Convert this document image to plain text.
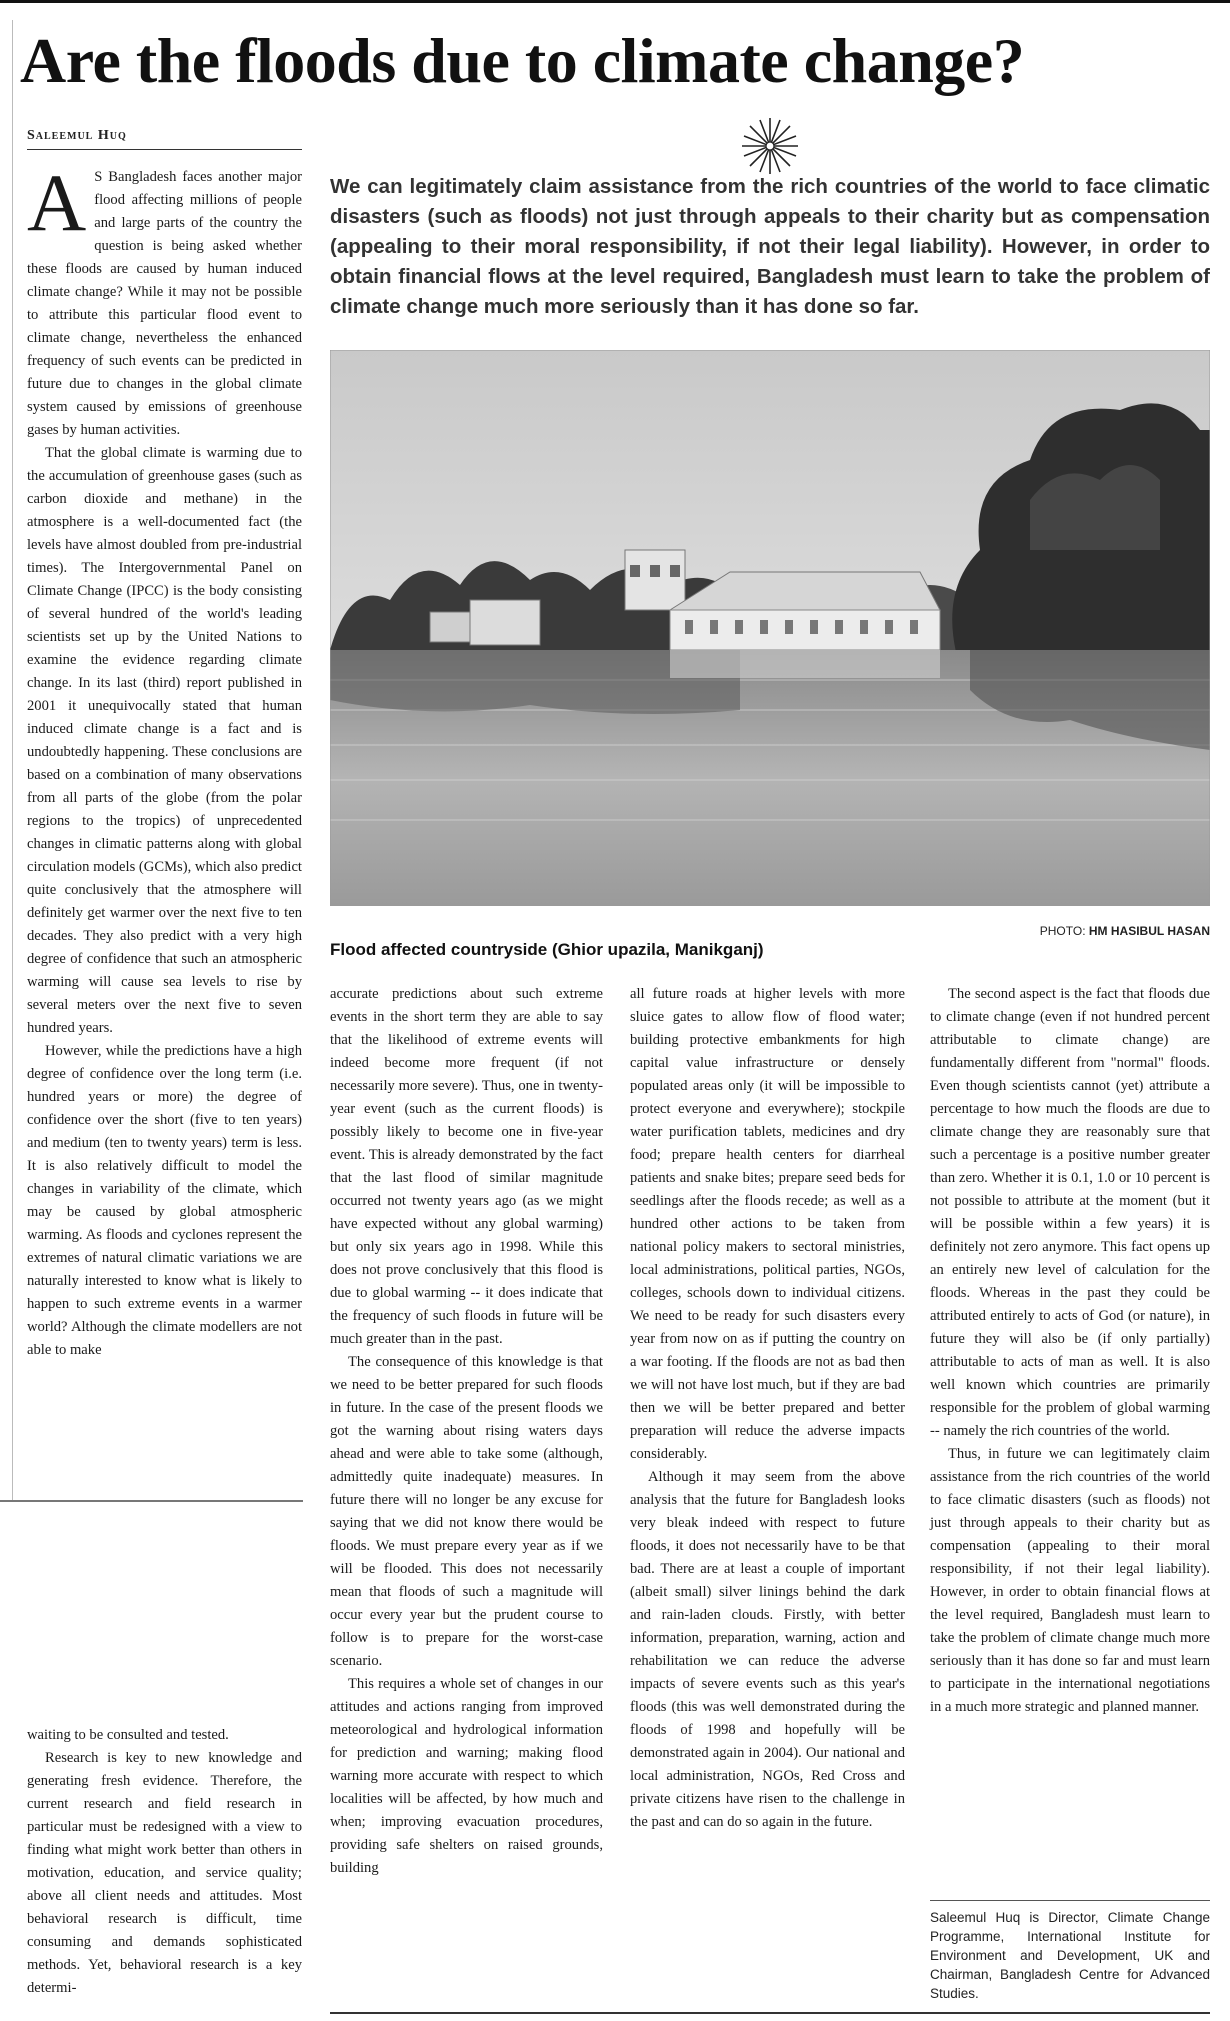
Are the floods due to climate change?
Saleemul Huq
We can legitimately claim assistance from the rich countries of the world to face climatic disasters (such as floods) not just through appeals to their charity but as compensation (appealing to their moral responsibility, if not their legal liability). However, in order to obtain financial flows at the level required, Bangladesh must learn to take the problem of climate change much more seriously than it has done so far.
PHOTO: HM HASIBUL HASAN
Flood affected countryside (Ghior upazila, Manikganj)

A S Bangladesh faces another major flood affecting millions of people and large parts of the country the question is being asked whether these floods are caused by human induced climate change? While it may not be possible to attribute this particular flood event to climate change, nevertheless the enhanced frequency of such events can be predicted in future due to changes in the global climate system caused by emissions of greenhouse gases by human activities.

That the global climate is warming due to the accumulation of greenhouse gases (such as carbon dioxide and methane) in the atmosphere is a well-documented fact (the levels have almost doubled from pre-industrial times). The Intergovernmental Panel on Climate Change (IPCC) is the body consisting of several hundred of the world's leading scientists set up by the United Nations to examine the evidence regarding climate change. In its last (third) report published in 2001 it unequivocally stated that human induced climate change is a fact and is undoubtedly happening. These conclusions are based on a combination of many observations from all parts of the globe (from the polar regions to the tropics) of unprecedented changes in climatic patterns along with global circulation models (GCMs), which also predict quite conclusively that the atmosphere will definitely get warmer over the next five to ten decades. They also predict with a very high degree of confidence that such an atmospheric warming will cause sea levels to rise by several meters over the next five to seven hundred years.

However, while the predictions have a high degree of confidence over the long term (i.e. hundred years or more) the degree of confidence over the short (five to ten years) and medium (ten to twenty years) term is less. It is also relatively difficult to model the changes in variability of the climate, which may be caused by global atmospheric warming. As floods and cyclones represent the extremes of natural climatic variations we are naturally interested to know what is likely to happen to such extreme events in a warmer world? Although the climate modellers are not able to make

waiting to be consulted and tested.

Research is key to new knowledge and generating fresh evidence. Therefore, the current research and field research in particular must be redesigned with a view to finding what might work better than others in motivation, education, and service quality; above all client needs and attitudes. Most behavioral research is difficult, time consuming and demands sophisticated methods. Yet, behavioral research is a key determi-

accurate predictions about such extreme events in the short term they are able to say that the likelihood of extreme events will indeed become more frequent (if not necessarily more severe). Thus, one in twenty-year event (such as the current floods) is possibly likely to become one in five-year event. This is already demonstrated by the fact that the last flood of similar magnitude occurred not twenty years ago (as we might have expected without any global warming) but only six years ago in 1998. While this does not prove conclusively that this flood is due to global warming -- it does indicate that the frequency of such floods in future will be much greater than in the past.

The consequence of this knowledge is that we need to be better prepared for such floods in future. In the case of the present floods we got the warning about rising waters days ahead and were able to take some (although, admittedly quite inadequate) measures. In future there will no longer be any excuse for saying that we did not know there would be floods. We must prepare every year as if we will be flooded. This does not necessarily mean that floods of such a magnitude will occur every year but the prudent course to follow is to prepare for the worst-case scenario.

This requires a whole set of changes in our attitudes and actions ranging from improved meteorological and hydrological information for prediction and warning; making flood warning more accurate with respect to which localities will be affected, by how much and when; improving evacuation procedures, providing safe shelters on raised grounds, building

all future roads at higher levels with more sluice gates to allow flow of flood water; building protective embankments for high capital value infrastructure or densely populated areas only (it will be impossible to protect everyone and everywhere); stockpile water purification tablets, medicines and dry food; prepare health centers for diarrheal patients and snake bites; prepare seed beds for seedlings after the floods recede; as well as a hundred other actions to be taken from national policy makers to sectoral ministries, local administrations, political parties, NGOs, colleges, schools down to individual citizens. We need to be ready for such disasters every year from now on as if putting the country on a war footing. If the floods are not as bad then we will not have lost much, but if they are bad then we will be better prepared and better preparation will reduce the adverse impacts considerably.

Although it may seem from the above analysis that the future for Bangladesh looks very bleak indeed with respect to future floods, it does not necessarily have to be that bad. There are at least a couple of important (albeit small) silver linings behind the dark and rain-laden clouds. Firstly, with better information, preparation, warning, action and rehabilitation we can reduce the adverse impacts of severe events such as this year's floods (this was well demonstrated during the floods of 1998 and hopefully will be demonstrated again in 2004). Our national and local administration, NGOs, Red Cross and private citizens have risen to the challenge in the past and can do so again in the future.

The second aspect is the fact that floods due to climate change (even if not hundred percent attributable to climate change) are fundamentally different from "normal" floods. Even though scientists cannot (yet) attribute a percentage to how much the floods are due to climate change they are reasonably sure that such a percentage is a positive number greater than zero. Whether it is 0.1, 1.0 or 10 percent is not possible to attribute at the moment (but it will be possible within a few years) it is definitely not zero anymore. This fact opens up an entirely new level of calculation for the floods. Whereas in the past they could be attributed entirely to acts of God (or nature), in future they will also be (if only partially) attributable to acts of man as well. It is also well known which countries are primarily responsible for the problem of global warming -- namely the rich countries of the world.

Thus, in future we can legitimately claim assistance from the rich countries of the world to face climatic disasters (such as floods) not just through appeals to their charity but as compensation (appealing to their moral responsibility, if not their legal liability). However, in order to obtain financial flows at the level required, Bangladesh must learn to take the problem of climate change much more seriously than it has done so far and must learn to participate in the international negotiations in a much more strategic and planned manner.

Saleemul Huq is Director, Climate Change Programme, International Institute for Environment and Development, UK and Chairman, Bangladesh Centre for Advanced Studies.
